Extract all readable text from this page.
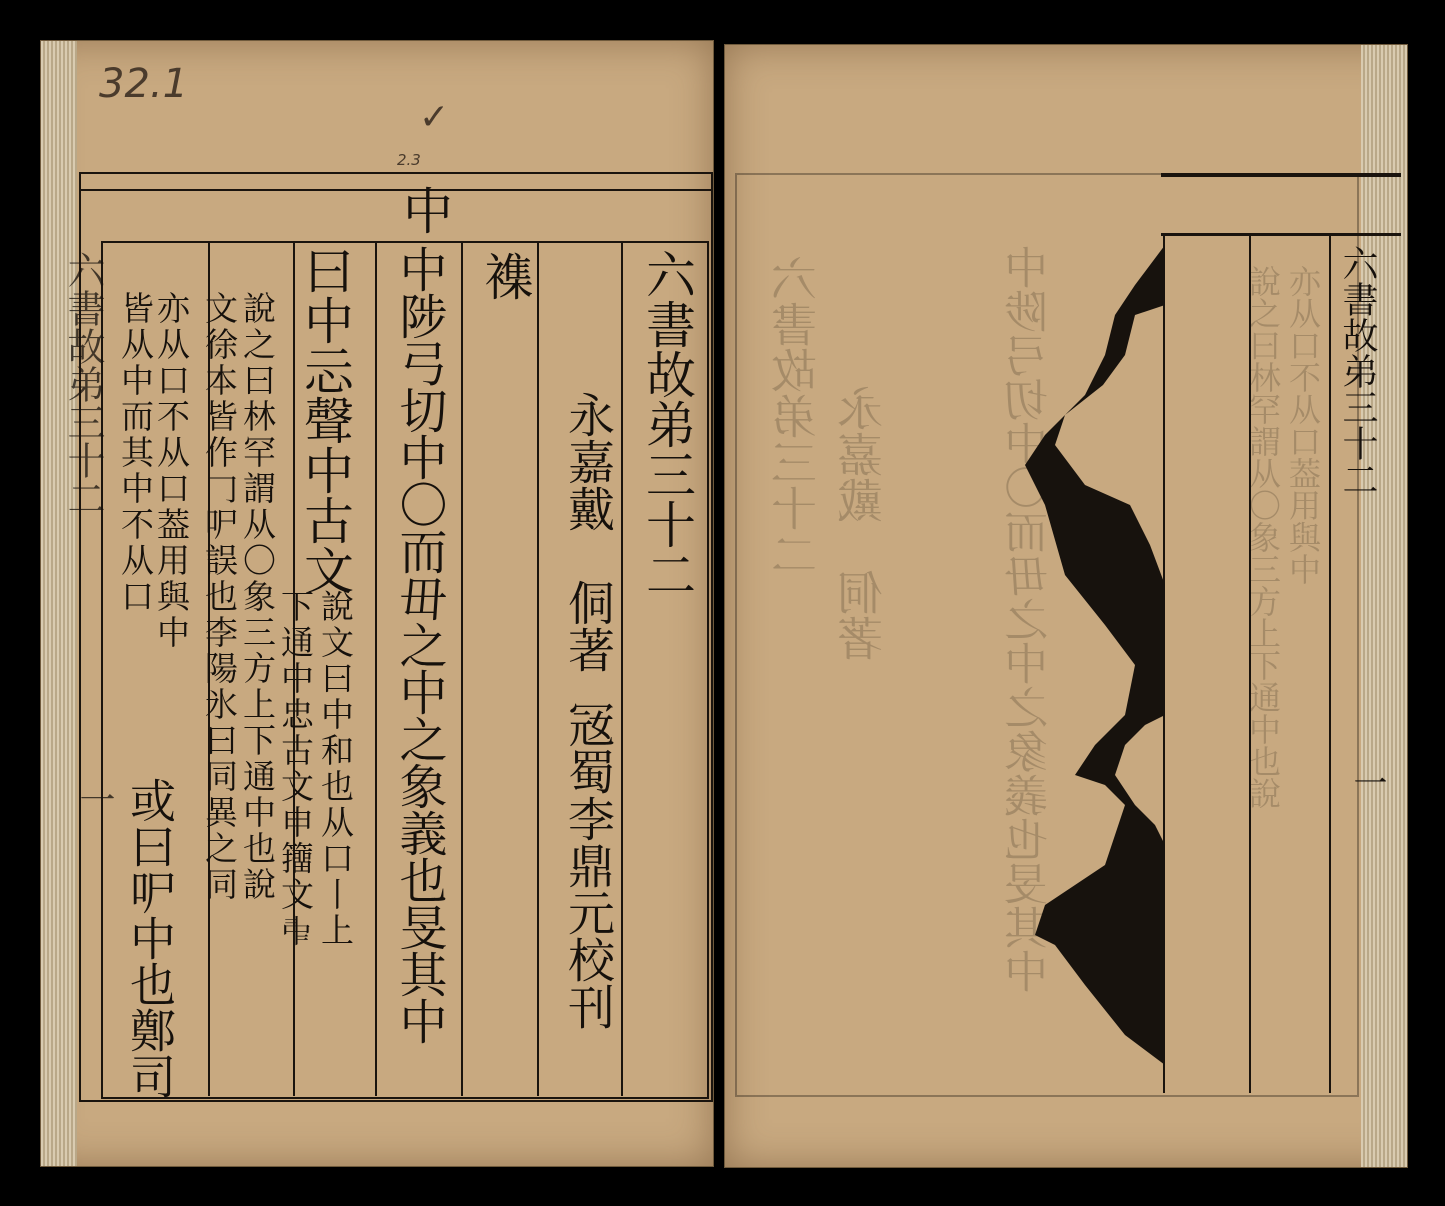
32.1
✓
2.3
六書故弟三十二
一
六書故弟三十二
永嘉戴　侗著
㓂蜀李鼎元校刊
襍
中
中陟弓切中〇而毌之中之象義也旻其中
曰中忈聲
中
古文
說文曰中和也从口丨上
下通中忠古文申籒文𠁩
說之曰林罕謂从〇象三方上下通中也說
文徐本皆作𠃌㕧誤也李陽氷曰同異之同
亦从口不从口葢用與中
皆从中而其中不从口
或曰㕧中也鄭司
六書故弟三十二
一
六書故弟三十二 永嘉戴　侗著	中陟弓切中〇而毌之中之象義也旻其中	說之曰林罕謂从〇象三方上下通中也說 亦从口不从口葢用與中
